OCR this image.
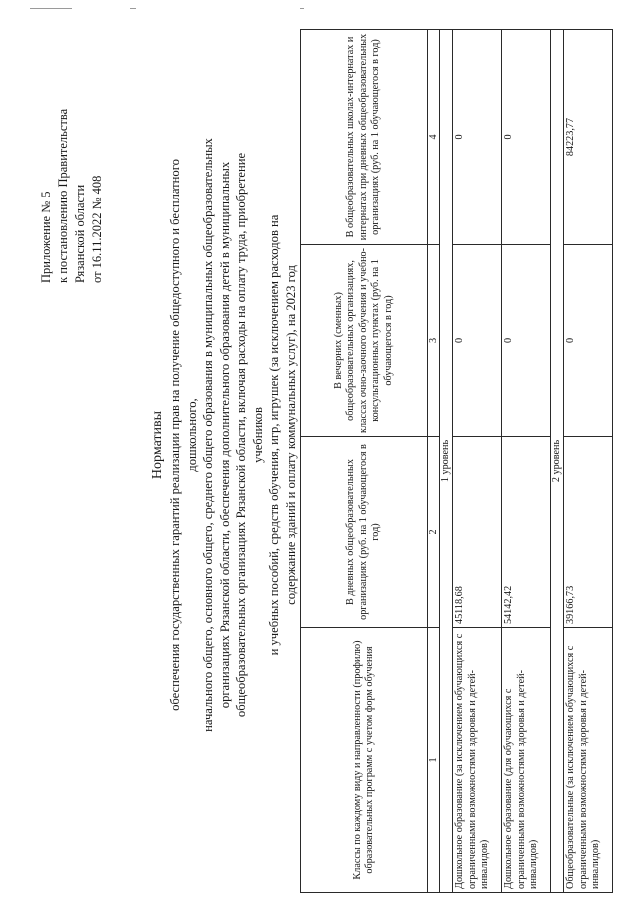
Приложение № 5 к постановлению Правительства Рязанской области от 16.11.2022 № 408
Нормативы обеспечения государственных гарантий реализации прав на получение общедоступного и бесплатного дошкольного, начального общего, основного общего, среднего общего образования в муниципальных общеобразовательных организациях Рязанской области, обеспечения дополнительного образования детей в муниципальных общеобразовательных организациях Рязанской области, включая расходы на оплату труда, приобретение учебников и учебных пособий, средств обучения, игр, игрушек (за исключением расходов на содержание зданий и оплату коммунальных услуг), на 2023 год
Классы по каждому виду и направленности (профилю) образовательных программ с учетом форм обучения	В дневных общеобразовательных организациях (руб. на 1 обучающегося в год)	В вечерних (сменных) общеобразовательных организациях, классах очно-заочного обучения и учебно-консультационных пунктах (руб. на 1 обучающегося в год)	В общеобразовательных школах-интернатах и интернатах при дневных общеобразовательных организациях (руб. на 1 обучающегося в год)
1	2	3	4
1 уровень			
Дошкольное образование (за исключением обучающихся с ограниченными возможностями здоровья и детей-инвалидов)	45118,68	0	0
Дошкольное образование (для обучающихся с ограниченными возможностями здоровья и детей-инвалидов)	54142,42	0	0
2 уровень			
Общеобразовательные (за исключением обучающихся с ограниченными возможностями здоровья и детей-инвалидов)	39166,73	0	84223,77
